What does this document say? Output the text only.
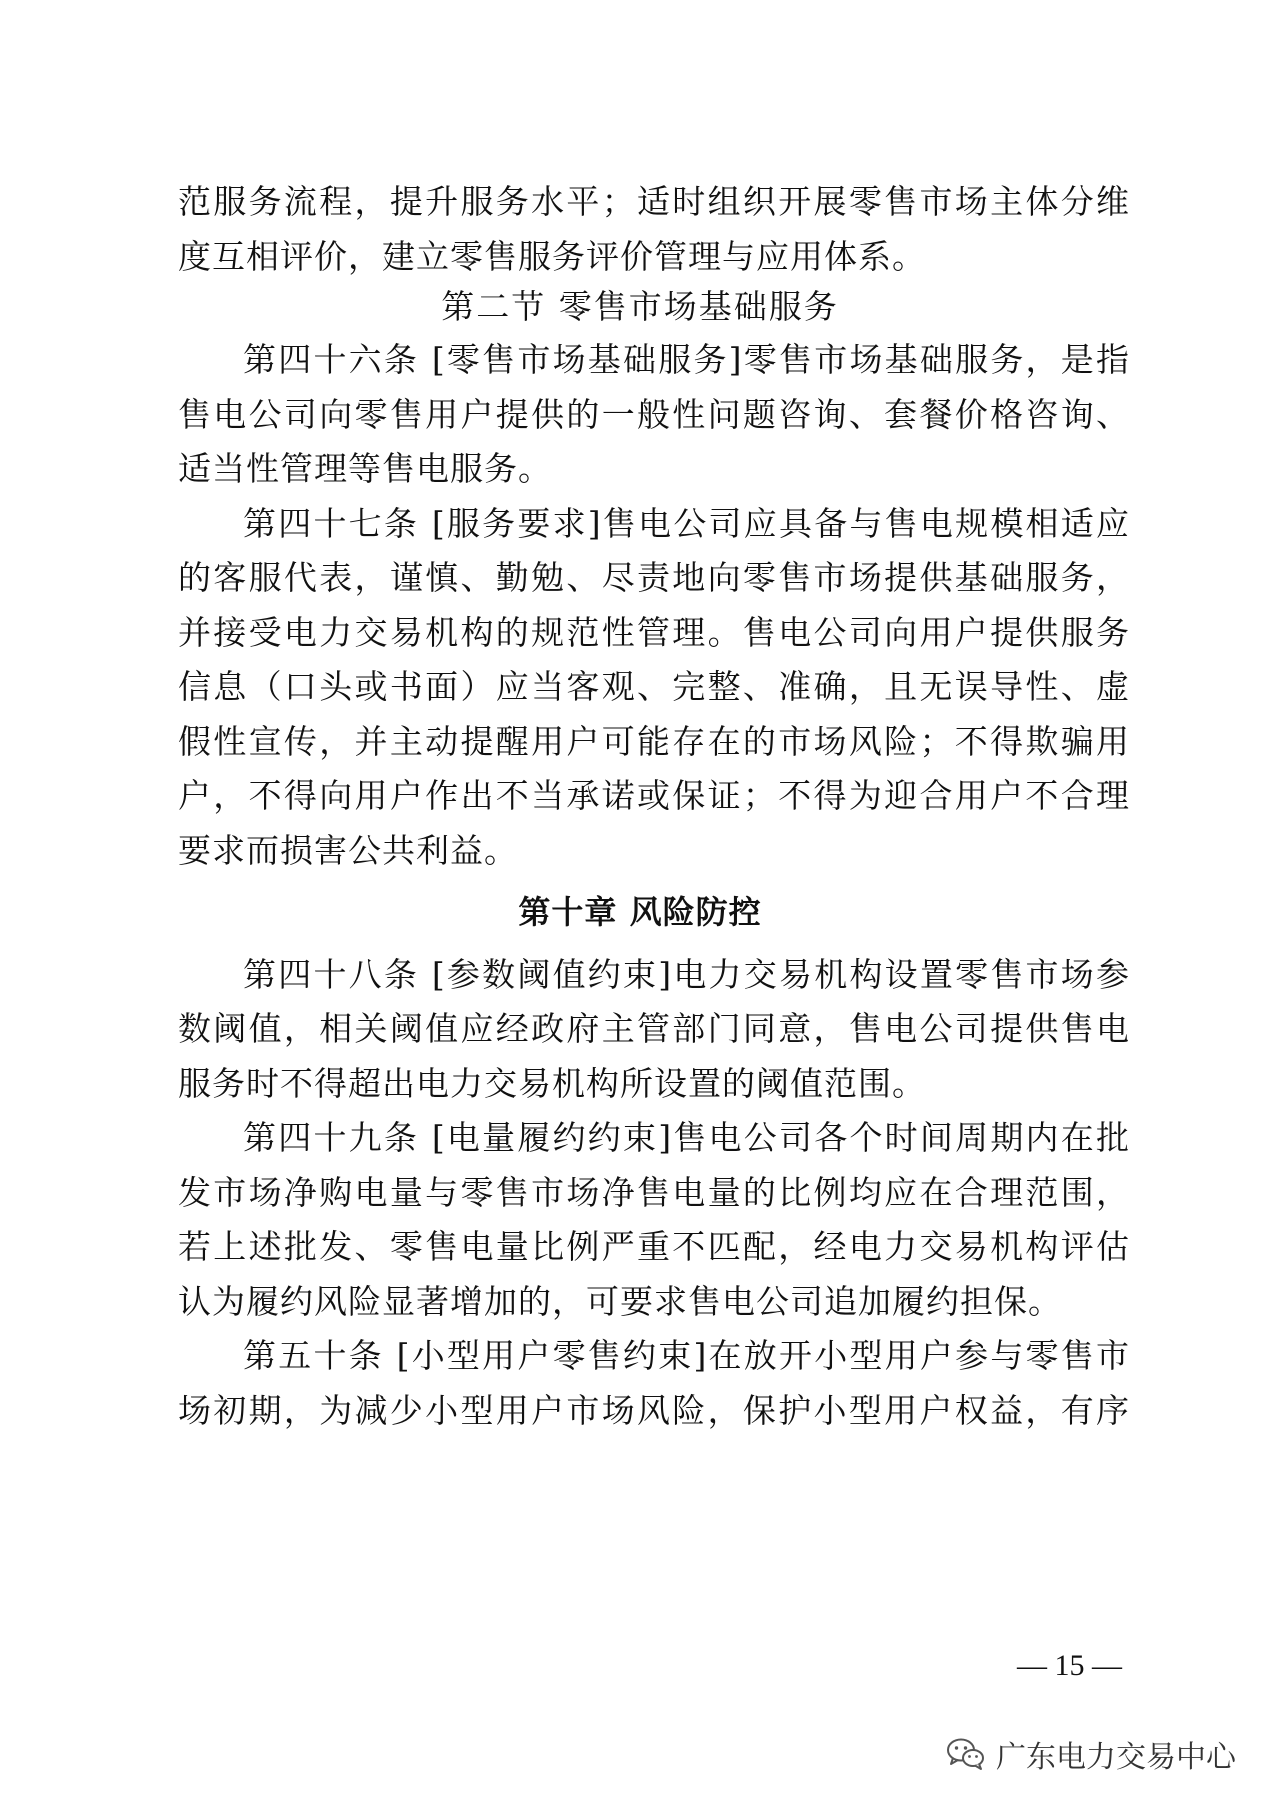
范服务流程，提升服务水平；适时组织开展零售市场主体分维
度互相评价，建立零售服务评价管理与应用体系。
第二节 零售市场基础服务
第四十六条 [零售市场基础服务]零售市场基础服务，是指
售电公司向零售用户提供的一般性问题咨询、套餐价格咨询、
适当性管理等售电服务。
第四十七条 [服务要求]售电公司应具备与售电规模相适应
的客服代表，谨慎、勤勉、尽责地向零售市场提供基础服务，
并接受电力交易机构的规范性管理。售电公司向用户提供服务
信息（口头或书面）应当客观、完整、准确，且无误导性、虚
假性宣传，并主动提醒用户可能存在的市场风险；不得欺骗用
户，不得向用户作出不当承诺或保证；不得为迎合用户不合理
要求而损害公共利益。
第十章 风险防控
第四十八条 [参数阈值约束]电力交易机构设置零售市场参
数阈值，相关阈值应经政府主管部门同意，售电公司提供售电
服务时不得超出电力交易机构所设置的阈值范围。
第四十九条 [电量履约约束]售电公司各个时间周期内在批
发市场净购电量与零售市场净售电量的比例均应在合理范围，
若上述批发、零售电量比例严重不匹配，经电力交易机构评估
认为履约风险显著增加的，可要求售电公司追加履约担保。
第五十条 [小型用户零售约束]在放开小型用户参与零售市
场初期，为减少小型用户市场风险，保护小型用户权益，有序
— 15 —
广东电力交易中心
